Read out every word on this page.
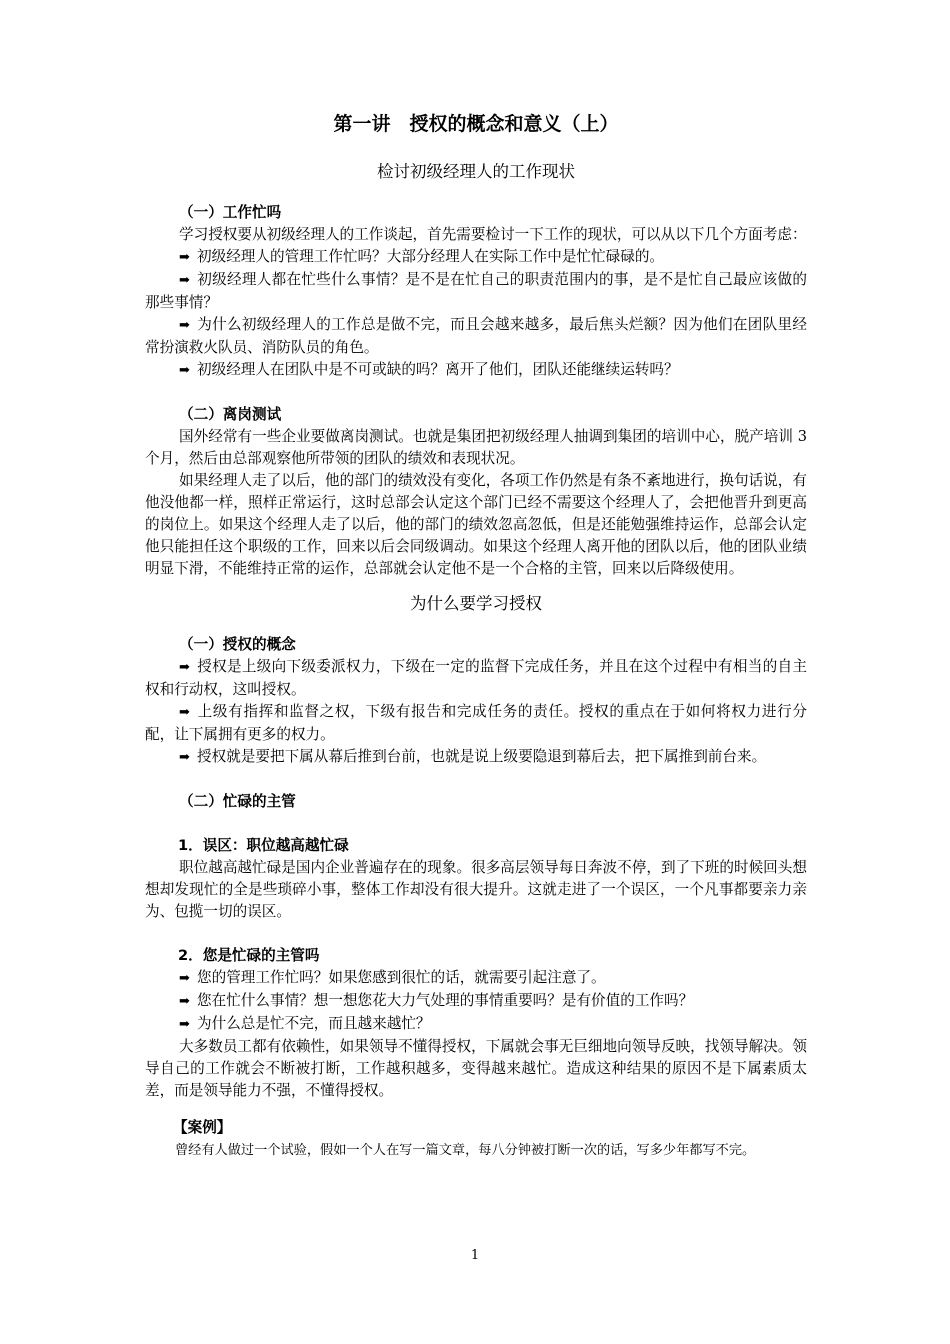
第一讲　授权的概念和意义（上）
检讨初级经理人的工作现状
（一）工作忙吗

学习授权要从初级经理人的工作谈起，首先需要检讨一下工作的现状，可以从以下几个方面考虑：

➡ 初级经理人的管理工作忙吗？大部分经理人在实际工作中是忙忙碌碌的。

➡ 初级经理人都在忙些什么事情？是不是在忙自己的职责范围内的事，是不是忙自己最应该做的那些事情？

➡ 为什么初级经理人的工作总是做不完，而且会越来越多，最后焦头烂额？因为他们在团队里经常扮演救火队员、消防队员的角色。

➡ 初级经理人在团队中是不可或缺的吗？离开了他们，团队还能继续运转吗？

（二）离岗测试

国外经常有一些企业要做离岗测试。也就是集团把初级经理人抽调到集团的培训中心，脱产培训 3 个月，然后由总部观察他所带领的团队的绩效和表现状况。

如果经理人走了以后，他的部门的绩效没有变化，各项工作仍然是有条不紊地进行，换句话说，有他没他都一样，照样正常运行，这时总部会认定这个部门已经不需要这个经理人了，会把他晋升到更高的岗位上。如果这个经理人走了以后，他的部门的绩效忽高忽低，但是还能勉强维持运作，总部会认定他只能担任这个职级的工作，回来以后会同级调动。如果这个经理人离开他的团队以后，他的团队业绩明显下滑，不能维持正常的运作，总部就会认定他不是一个合格的主管，回来以后降级使用。

为什么要学习授权
（一）授权的概念

➡ 授权是上级向下级委派权力，下级在一定的监督下完成任务，并且在这个过程中有相当的自主权和行动权，这叫授权。

➡ 上级有指挥和监督之权，下级有报告和完成任务的责任。授权的重点在于如何将权力进行分配，让下属拥有更多的权力。

➡ 授权就是要把下属从幕后推到台前，也就是说上级要隐退到幕后去，把下属推到前台来。

（二）忙碌的主管
1．误区：职位越高越忙碌

职位越高越忙碌是国内企业普遍存在的现象。很多高层领导每日奔波不停，到了下班的时候回头想想却发现忙的全是些琐碎小事，整体工作却没有很大提升。这就走进了一个误区，一个凡事都要亲力亲为、包揽一切的误区。

2．您是忙碌的主管吗

➡ 您的管理工作忙吗？如果您感到很忙的话，就需要引起注意了。

➡ 您在忙什么事情？想一想您花大力气处理的事情重要吗？是有价值的工作吗？

➡ 为什么总是忙不完，而且越来越忙？

大多数员工都有依赖性，如果领导不懂得授权，下属就会事无巨细地向领导反映，找领导解决。领导自己的工作就会不断被打断，工作越积越多，变得越来越忙。造成这种结果的原因不是下属素质太差，而是领导能力不强，不懂得授权。

【案例】
曾经有人做过一个试验，假如一个人在写一篇文章，每八分钟被打断一次的话，写多少年都写不完。
1
